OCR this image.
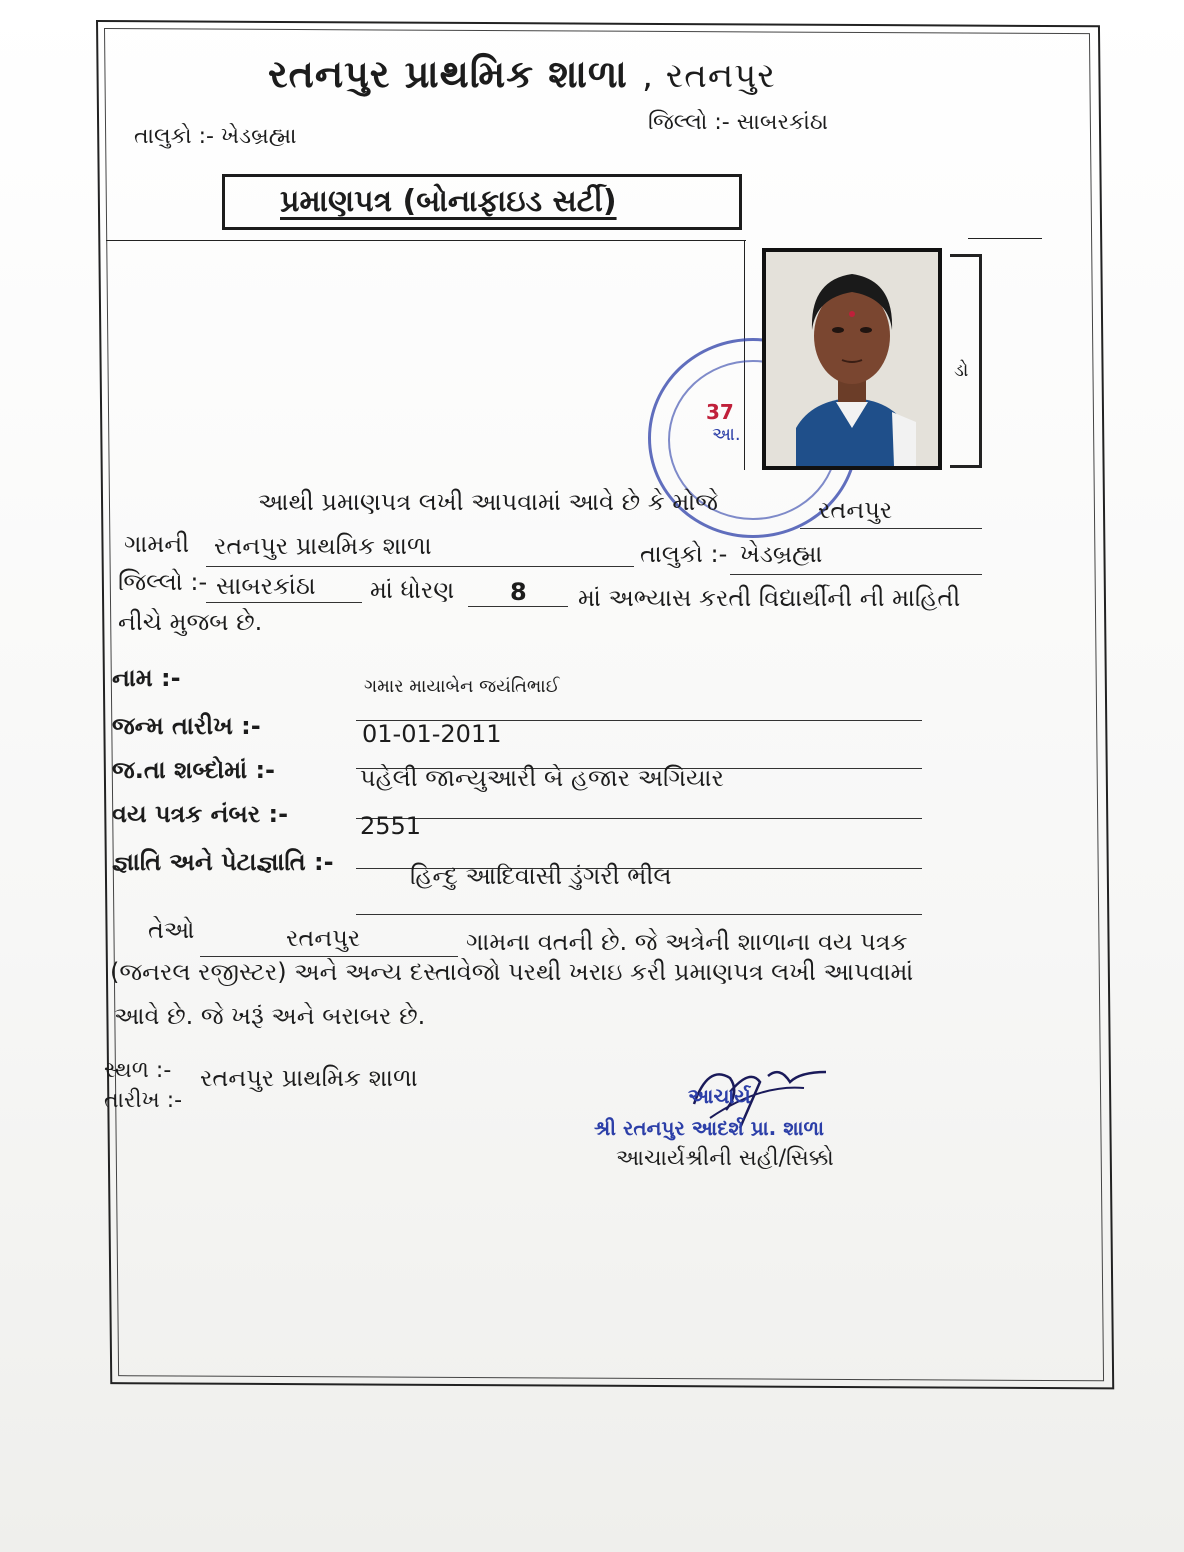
રતનપુર પ્રાથમિક શાળા , રતનપુર
તાલુકો :- ખેડબ્રહ્મા
જિલ્લો :- સાબરકાંઠા
પ્રમાણપત્ર (બોનાફાઇડ સર્ટી)
37
આ.
ડો
આથી પ્રમાણપત્ર લખી આપવામાં આવે છે કે મોજે	રતનપુર
ગામની રતનપુર પ્રાથમિક શાળા	તાલુકો :- ખેડબ્રહ્મા
જિલ્લો :- સાબરકાંઠા માં ધોરણ 8 માં અભ્યાસ કરતી વિદ્યાર્થીની ની માહિતી
નીચે મુજબ છે.
નામ :-	ગમાર માયાબેન જયંતિભાઈ
જન્મ તારીખ :-	01-01-2011
જ.તા શબ્દોમાં :-	પહેલી જાન્યુઆરી બે હજાર અગિયાર
વય પત્રક નંબર :-	2551
જ્ઞાતિ અને પેટાજ્ઞાતિ :-	હિન્દુ આદિવાસી ડુંગરી ભીલ
તેઓ	રતનપુર	ગામના વતની છે. જે અત્રેની શાળાના વય પત્રક
(જનરલ રજીસ્ટર) અને અન્ય દસ્તાવેજો પરથી ખરાઇ કરી પ્રમાણપત્ર લખી આપવામાં
આવે છે. જે ખરૂં અને બરાબર છે.
સ્થળ :- રતનપુર પ્રાથમિક શાળા
તારીખ :-	આચાર્ય
શ્રી રતનપુર આદર્શ પ્રા. શાળા
આચાર્યશ્રીની સહી/સિક્કો
